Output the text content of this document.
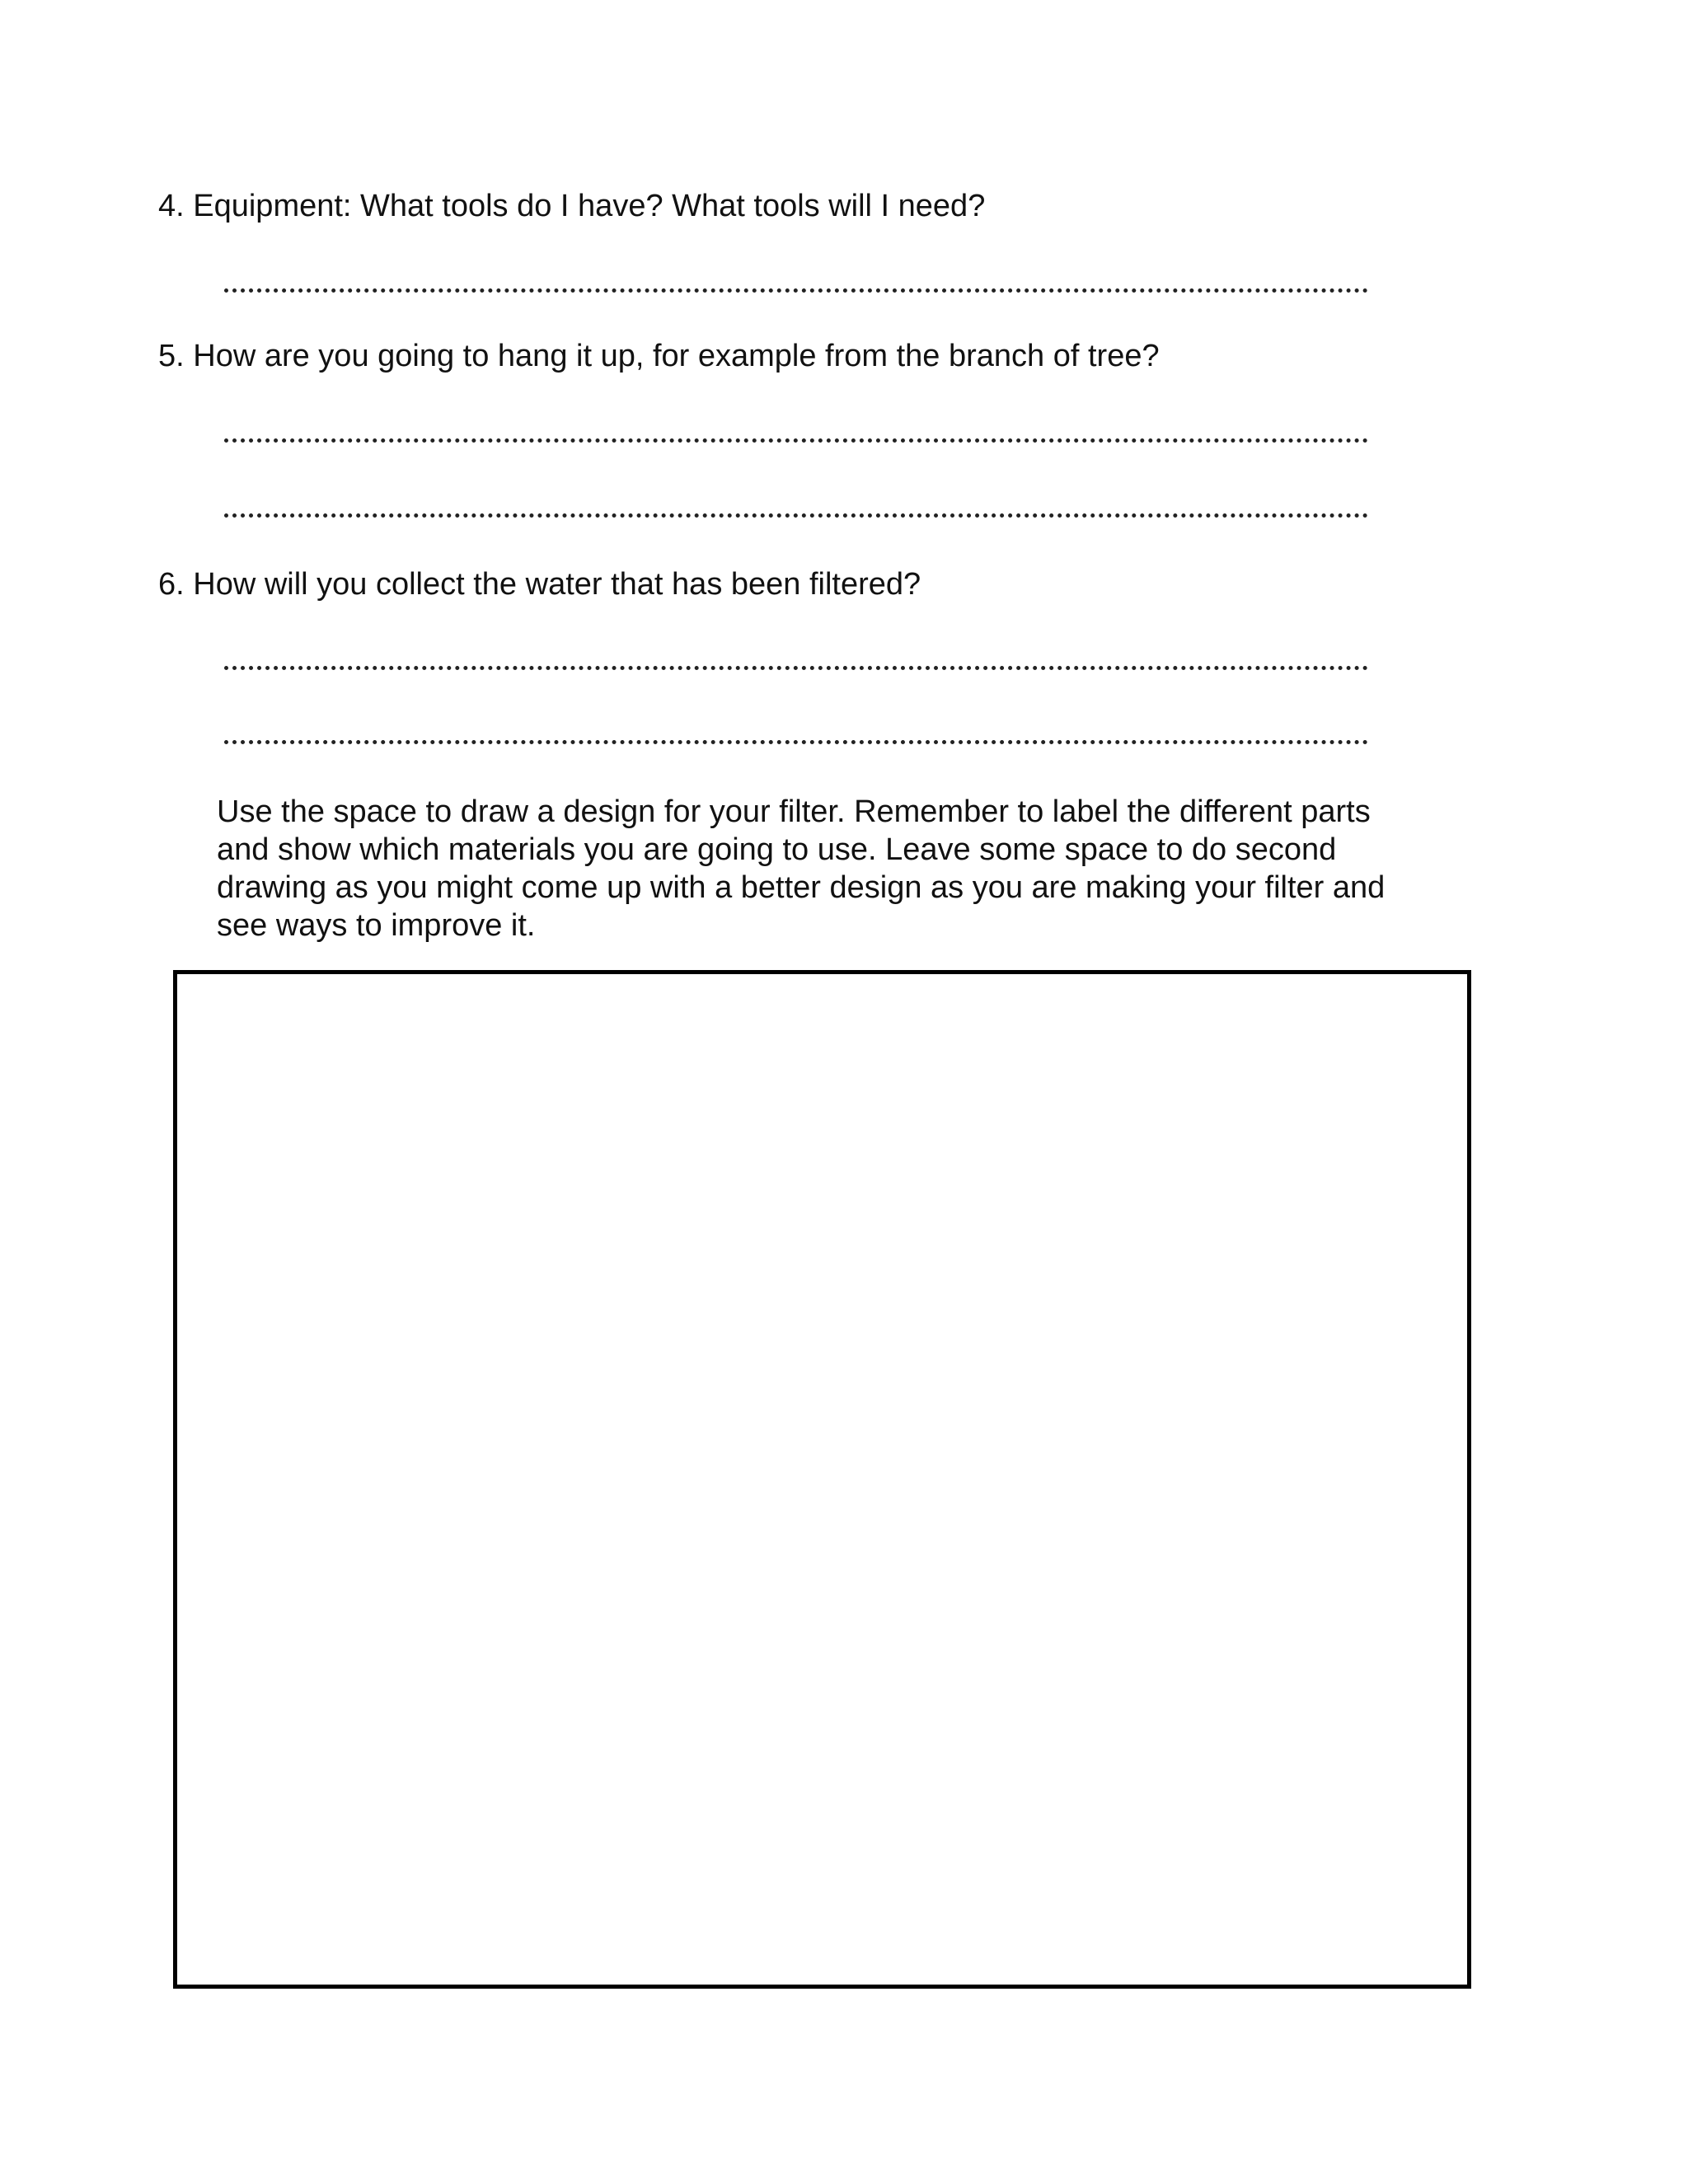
4. Equipment: What tools do I have? What tools will I need?
5. How are you going to hang it up, for example from the branch of tree?
6. How will you collect the water that has been filtered?
Use the space to draw a design for your filter. Remember to label the different parts
and show which materials you are going to use. Leave some space to do second
drawing as you might come up with a better design as you are making your filter and
see ways to improve it.
